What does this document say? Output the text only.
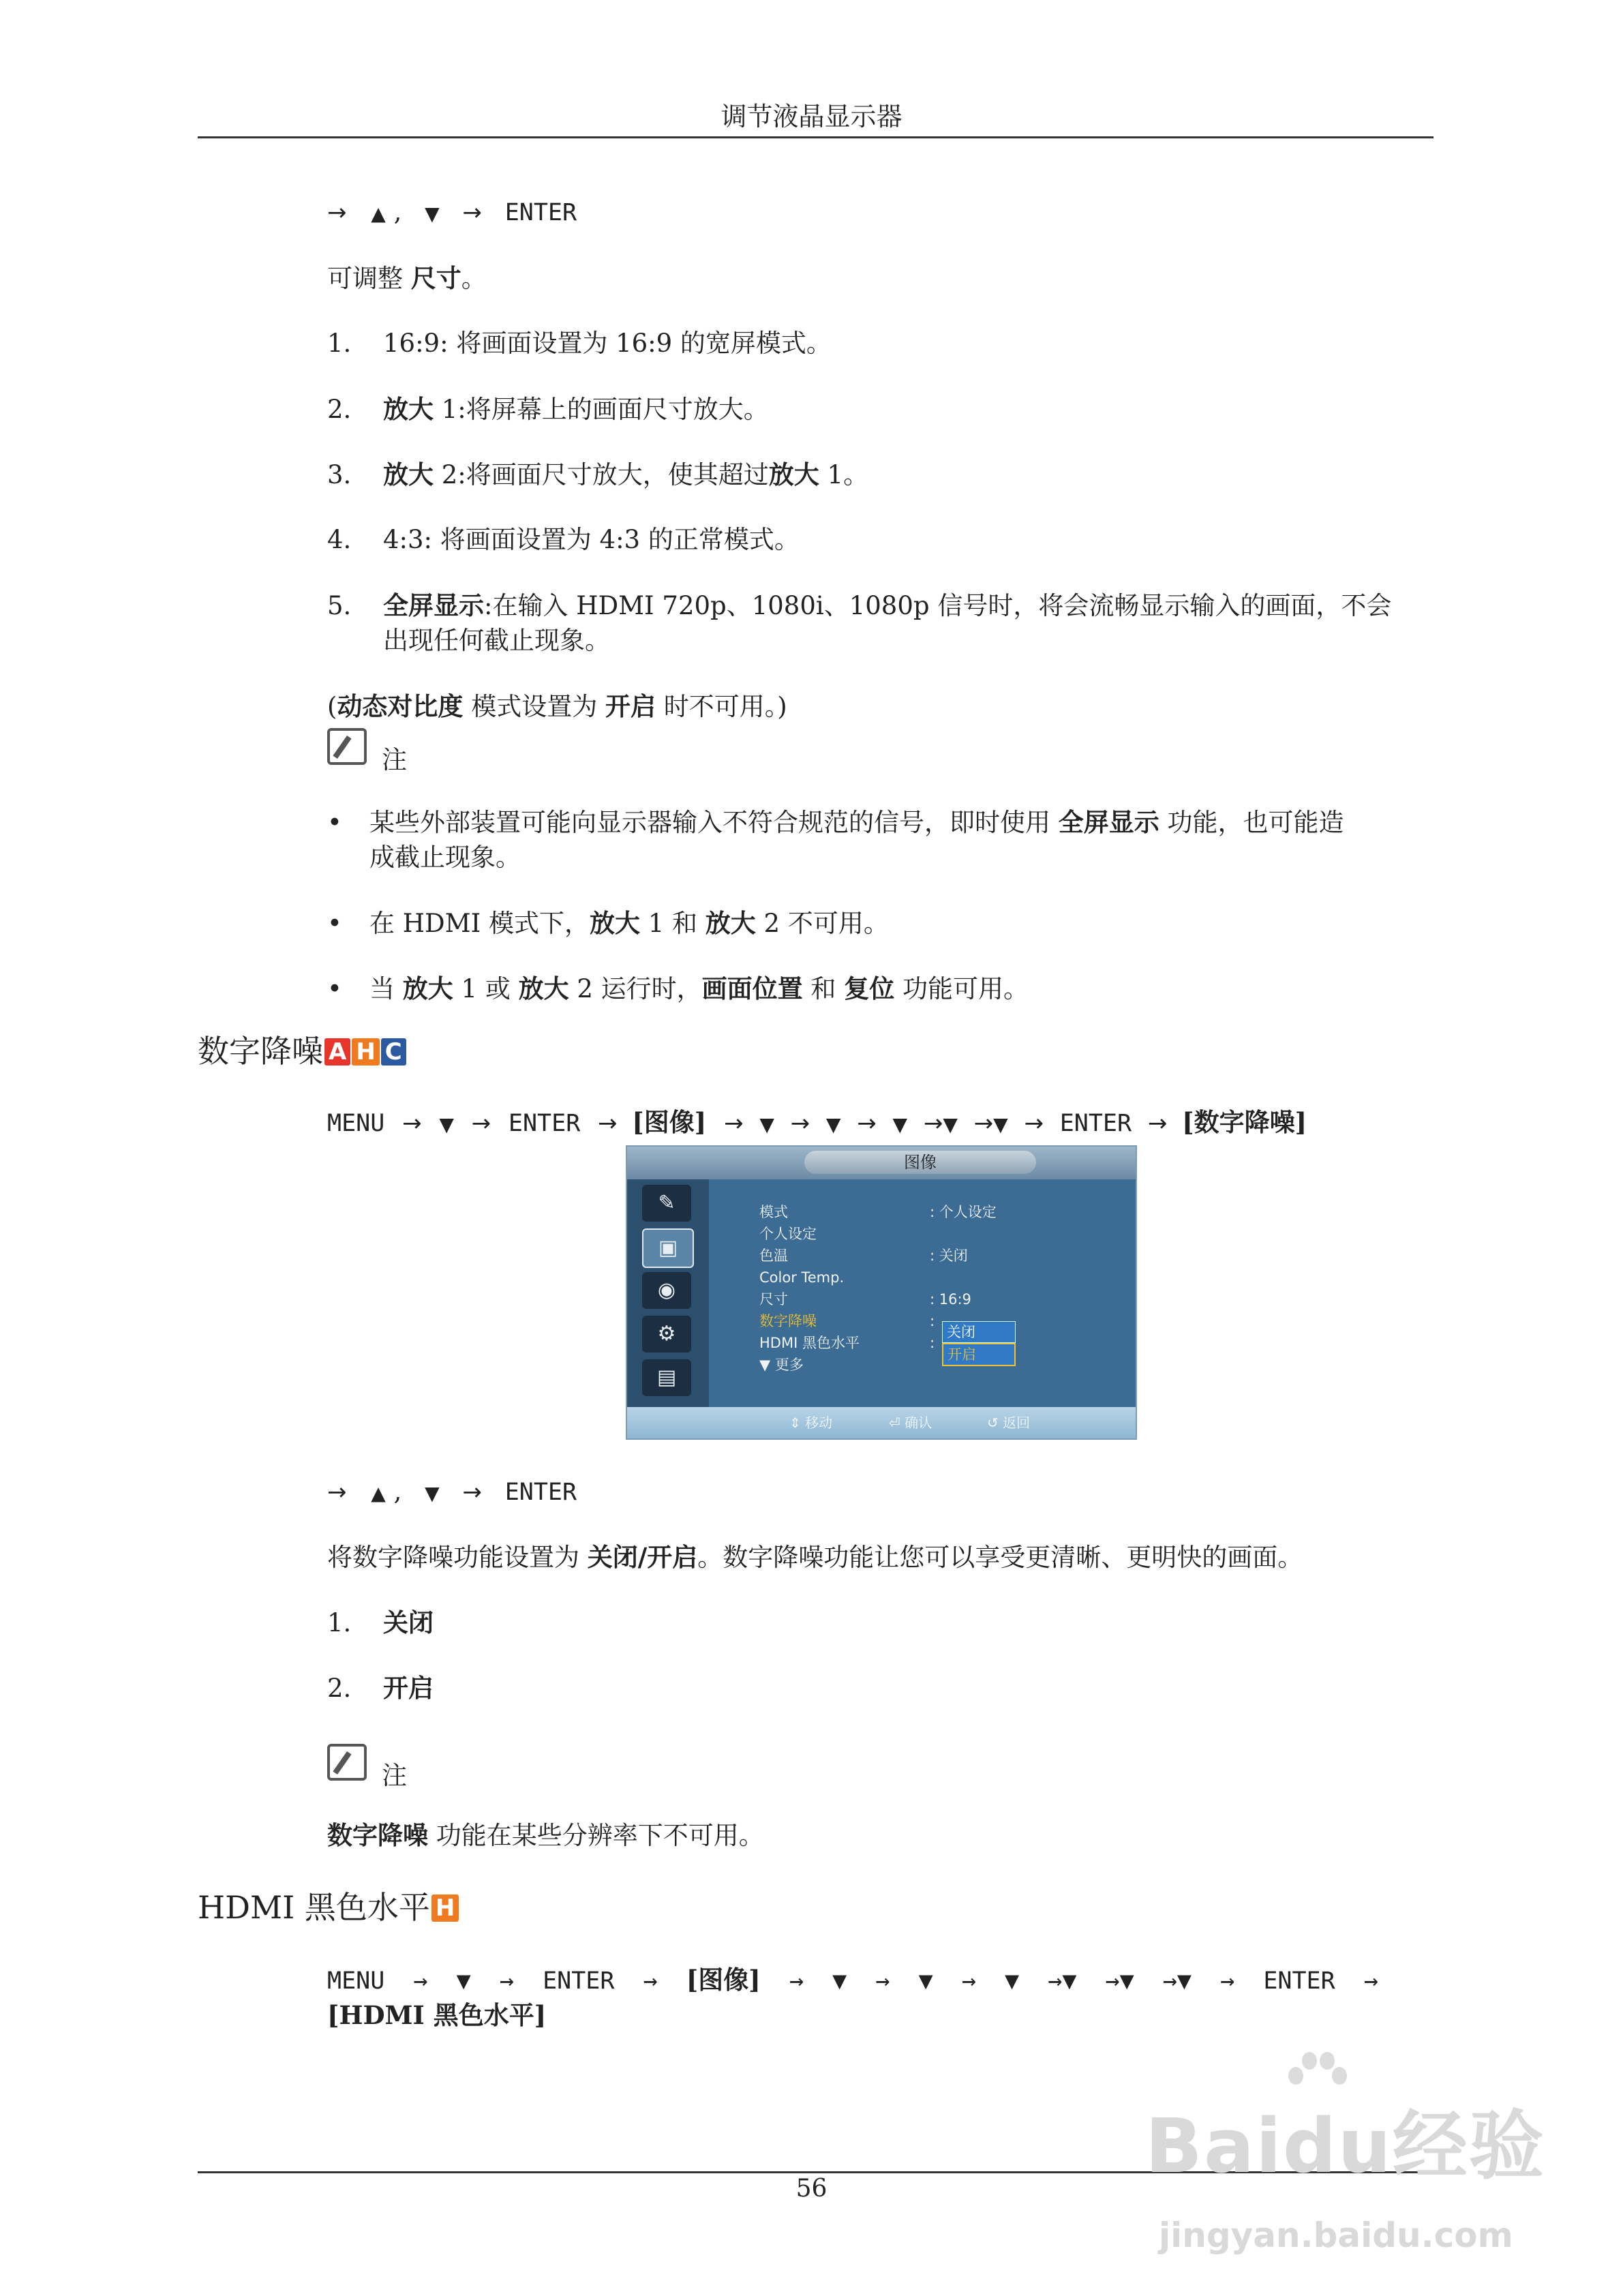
调节液晶显示器
→ ▲ , ▼ → ENTER
可调整 尺寸。
1. 16:9: 将画面设置为 16:9 的宽屏模式。
2. 放大 1:将屏幕上的画面尺寸放大。
3. 放大 2:将画面尺寸放大，使其超过放大 1。
4. 4:3: 将画面设置为 4:3 的正常模式。
5. 全屏显示:在输入 HDMI 720p、1080i、1080p 信号时，将会流畅显示输入的画面，不会
出现任何截止现象。
(动态对比度 模式设置为 开启 时不可用。)
注
• 某些外部装置可能向显示器输入不符合规范的信号，即时使用 全屏显示 功能，也可能造
成截止现象。
• 在 HDMI 模式下，放大 1 和 放大 2 不可用。
• 当 放大 1 或 放大 2 运行时，画面位置 和 复位 功能可用。
数字降噪 A H C
MENU → ▼ → ENTER → [图像] → ▼ → ▼ → ▼ →▼ →▼ → ENTER → [数字降噪]
图像
✎
▣
◉
⚙
▤
模式	: 个人设定
个人设定
色温	: 关闭
Color Temp.
尺寸	: 16:9
数字降噪	:
HDMI 黑色水平	:
▼ 更多
关闭
开启
⇕ 移动	⏎ 确认	↺ 返回
→ ▲ , ▼ → ENTER
将数字降噪功能设置为 关闭/开启。数字降噪功能让您可以享受更清晰、更明快的画面。
1. 关闭
2. 开启
注
数字降噪 功能在某些分辨率下不可用。
HDMI 黑色水平 H
MENU  →  ▼  →  ENTER  →  [图像]  →  ▼  →  ▼  →  ▼  →▼  →▼  →▼  →  ENTER  →
[HDMI 黑色水平]
56	Baidu经验
jingyan.baidu.com
